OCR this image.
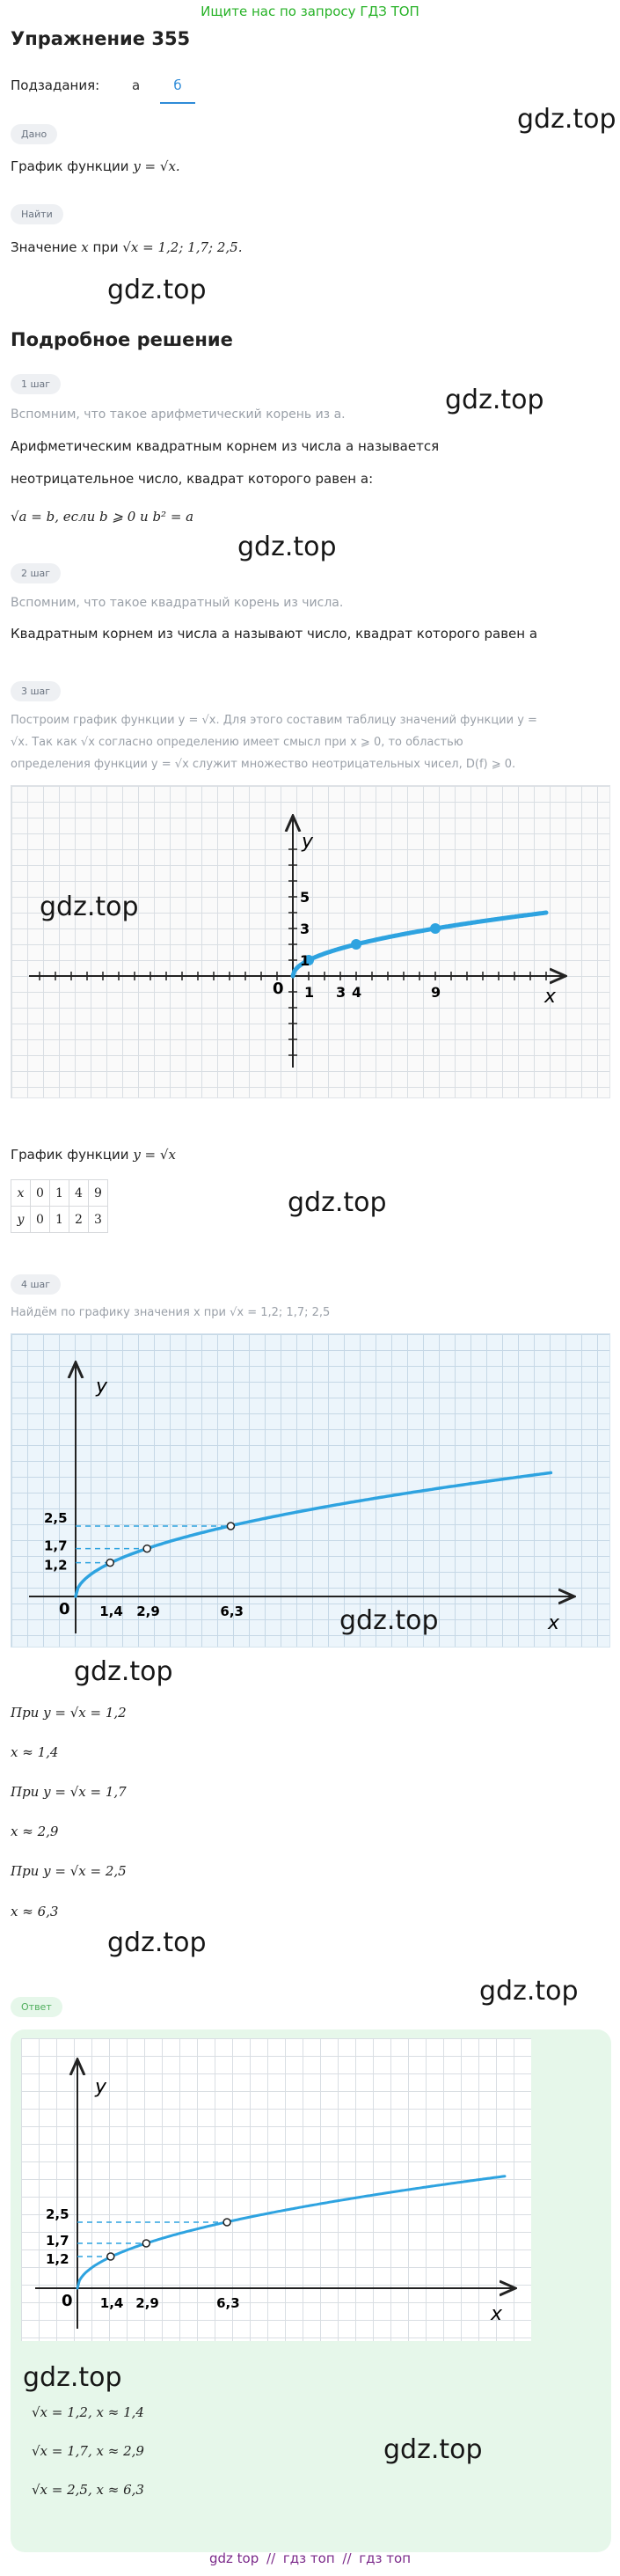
Ищите нас по запросу ГДЗ ТОП
Упражнение 355
Подзадания: а	б
gdz.top
Дано
График функции y = √x.
Найти
Значение x при √x = 1,2; 1,7; 2,5.
gdz.top
Подробное решение
1 шаг
gdz.top
Вспомним, что такое арифметический корень из a.
Арифметическим квадратным корнем из числа a называется
неотрицательное число, квадрат которого равен a:
√a = b, если b ⩾ 0 и b² = a
gdz.top
2 шаг
Вспомним, что такое квадратный корень из числа.
Квадратным корнем из числа a называют число, квадрат которого равен a
3 шаг
Построим график функции y = √x. Для этого составим таблицу значений функции y =
√x. Так как √x согласно определению имеет смысл при x ⩾ 0, то областью
определения функции y = √x служит множество неотрицательных чисел, D(f) ⩾ 0.
y
x
0 1 3 4	9
1
3
5
gdz.top
График функции y = √x
x	0	1	4	9
y	0	1	2	3
gdz.top
4 шаг
Найдём по графику значения x при √x = 1,2; 1,7; 2,5
y
x
0 1,4 2,9	6,3
2,5
1,7
1,2
gdz.top
gdz.top
При y = √x = 1,2
x ≈ 1,4
При y = √x = 1,7
x ≈ 2,9
При y = √x = 2,5
x ≈ 6,3
gdz.top
gdz.top
Ответ
y
x
0 1,4 2,9	6,3
2,5
1,7
1,2
gdz.top
√x = 1,2, x ≈ 1,4
√x = 1,7, x ≈ 2,9
√x = 2,5, x ≈ 6,3
gdz.top
gdz top // гдз топ // гдз топ
